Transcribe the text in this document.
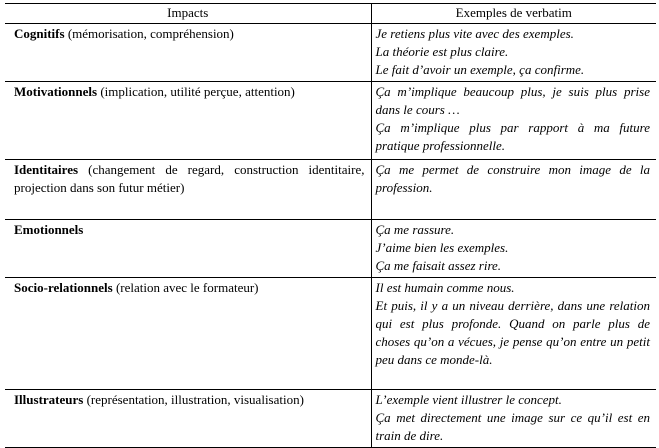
Impacts	Exemples de verbatim
Cognitifs (mémorisation, compréhension)	Je retiens plus vite avec des exemples.
La théorie est plus claire.
Le fait d’avoir un exemple, ça confirme.

Motivationnels (implication, utilité perçue, attention)	Ça m’implique beaucoup plus, je suis plus prise dans le cours …
Ça m’implique plus par rapport à ma future pratique professionnelle.

Identitaires (changement de regard, construction identitaire, projection dans son futur métier)	Ça me permet de construire mon image de la profession.

Emotionnels	Ça me rassure.
J’aime bien les exemples.
Ça me faisait assez rire.

Socio-relationnels (relation avec le formateur)	Il est humain comme nous.
Et puis, il y a un niveau derrière, dans une relation qui est plus profonde. Quand on parle plus de choses qu’on a vécues, je pense qu’on entre un petit peu dans ce monde-là.

Illustrateurs (représentation, illustration, visualisation)	L’exemple vient illustrer le concept.
Ça met directement une image sur ce qu’il est en train de dire.
